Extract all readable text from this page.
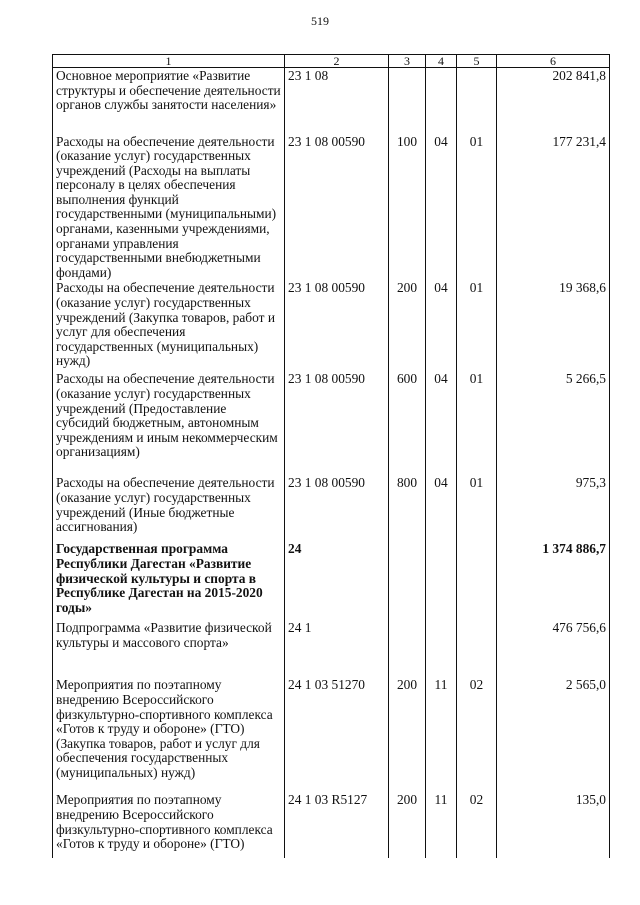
519
1	2	3	4	5	6
Основное мероприятие «Развитие структуры и обеспечение деятельности органов службы занятости населения»	23 1 08				202 841,8
Расходы на обеспечение деятельности (оказание услуг) государственных учреждений (Расходы на выплаты персоналу в целях обеспечения выполнения функций государственными (муниципальными) органами, казенными учреждениями, органами управления государственными внебюджетными фондами)	23 1 08 00590	100	04	01	177 231,4
Расходы на обеспечение деятельности (оказание услуг) государственных учреждений (Закупка товаров, работ и услуг для обеспечения государственных (муниципальных) нужд)	23 1 08 00590	200	04	01	19 368,6
Расходы на обеспечение деятельности (оказание услуг) государственных учреждений (Предоставление субсидий бюджетным, автономным учреждениям и иным некоммерческим организациям)	23 1 08 00590	600	04	01	5 266,5
Расходы на обеспечение деятельности (оказание услуг) государственных учреждений (Иные бюджетные ассигнования)	23 1 08 00590	800	04	01	975,3
Государственная программа Республики Дагестан «Развитие физической культуры и спорта в Республике Дагестан на 2015-2020 годы»	24				1 374 886,7
Подпрограмма «Развитие физической культуры и массового спорта»	24 1				476 756,6
Мероприятия по поэтапному внедрению Всероссийского физкультурно-спортивного комплекса «Готов к труду и обороне» (ГТО) (Закупка товаров, работ и услуг для обеспечения государственных (муниципальных) нужд)	24 1 03 51270	200	11	02	2 565,0
Мероприятия по поэтапному внедрению Всероссийского физкультурно-спортивного комплекса «Готов к труду и обороне» (ГТО)	24 1 03 R5127	200	11	02	135,0
